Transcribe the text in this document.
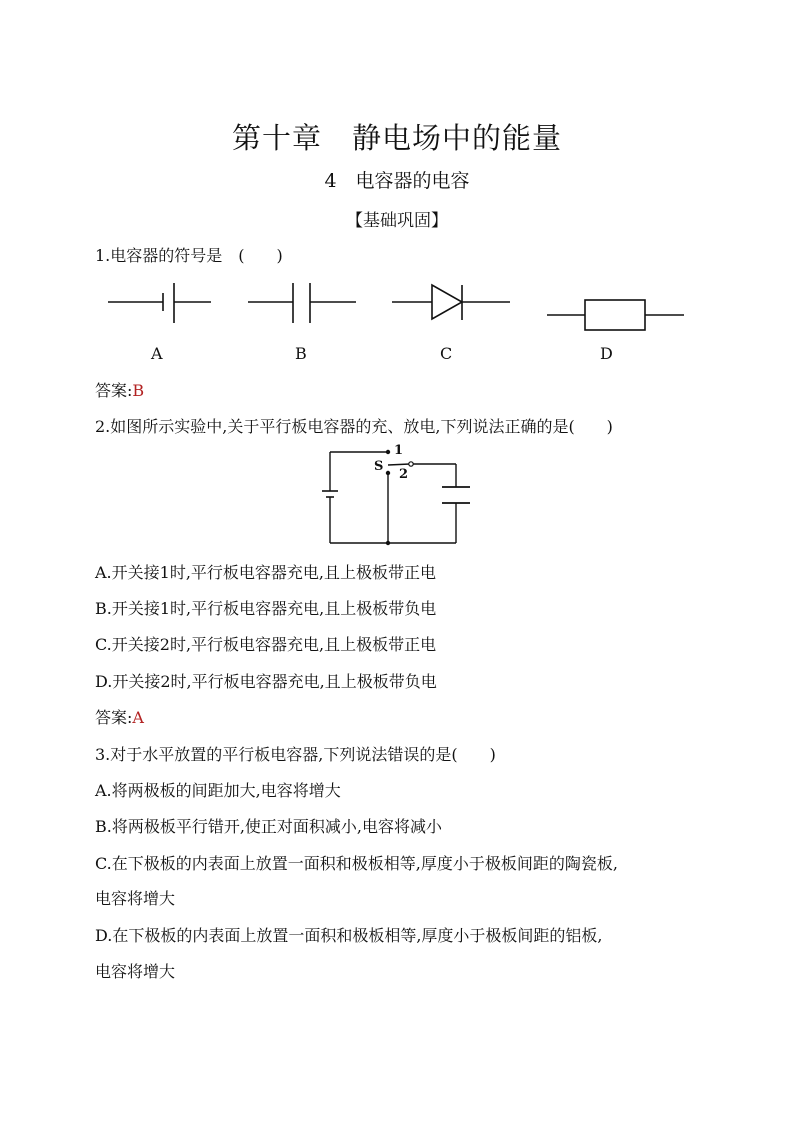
第十章　静电场中的能量
4　电容器的电容
【基础巩固】
1.电容器的符号是　(　　)
A	B	C	D
答案:B
2.如图所示实验中,关于平行板电容器的充、放电,下列说法正确的是(　　)
1
S
2
A.开关接1时,平行板电容器充电,且上极板带正电
B.开关接1时,平行板电容器充电,且上极板带负电
C.开关接2时,平行板电容器充电,且上极板带正电
D.开关接2时,平行板电容器充电,且上极板带负电
答案:A
3.对于水平放置的平行板电容器,下列说法错误的是(　　)
A.将两极板的间距加大,电容将增大
B.将两极板平行错开,使正对面积减小,电容将减小
C.在下极板的内表面上放置一面积和极板相等,厚度小于极板间距的陶瓷板,
电容将增大
D.在下极板的内表面上放置一面积和极板相等,厚度小于极板间距的铝板,
电容将增大
